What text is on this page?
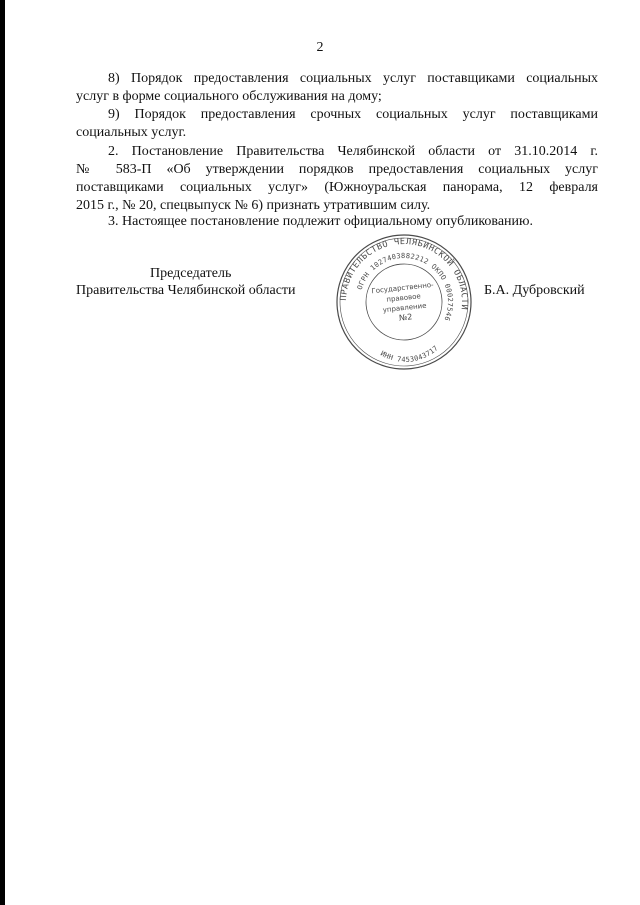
2
8) Порядок предоставления социальных услуг поставщиками социальных
услуг в форме социального обслуживания на дому;
9) Порядок предоставления срочных социальных услуг поставщиками
социальных услуг.
2. Постановление Правительства Челябинской области от 31.10.2014 г.
№ 583-П «Об утверждении порядков предоставления социальных услуг
поставщиками социальных услуг» (Южноуральская панорама, 12 февраля
2015 г., № 20, спецвыпуск № 6) признать утратившим силу.
3. Настоящее постановление подлежит официальному опубликованию.
Председатель
Правительства Челябинской области	Б.А. Дубровский
ПРАВИТЕЛЬСТВО ЧЕЛЯБИНСКОЙ ОБЛАСТИ
ОГРН 1027403882212 ОКПО 00027546
ИНН 7453043717
Государственно-
правовое
управление
№2
